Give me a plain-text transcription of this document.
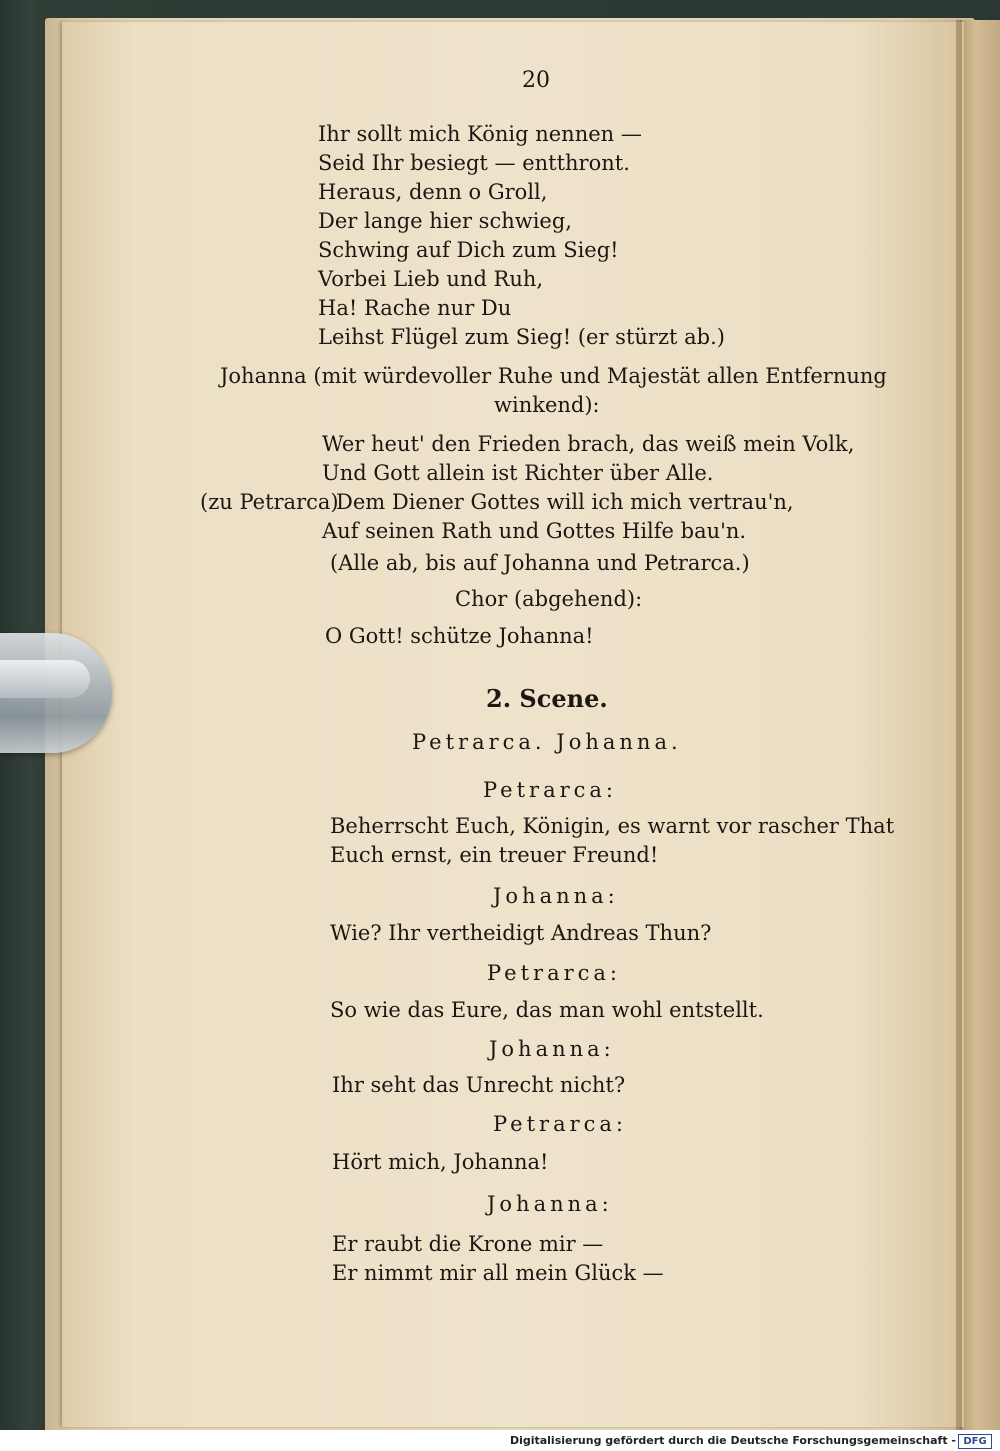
20
Ihr sollt mich König nennen —
Seid Ihr besiegt — entthront.
Heraus, denn o Groll,
Der lange hier schwieg,
Schwing auf Dich zum Sieg!
Vorbei Lieb und Ruh,
Ha! Rache nur Du
Leihst Flügel zum Sieg! (er stürzt ab.)
Johanna (mit würdevoller Ruhe und Majestät allen Entfernung
winkend):
Wer heut' den Frieden brach, das weiß mein Volk,
Und Gott allein ist Richter über Alle.
(zu Petrarca)
Dem Diener Gottes will ich mich vertrau'n,
Auf seinen Rath und Gottes Hilfe bau'n.
(Alle ab, bis auf Johanna und Petrarca.)
Chor (abgehend):
O Gott! schütze Johanna!
2. Scene.
Petrarca. Johanna.
Petrarca:
Beherrscht Euch, Königin, es warnt vor rascher That
Euch ernst, ein treuer Freund!
Johanna:
Wie? Ihr vertheidigt Andreas Thun?
Petrarca:
So wie das Eure, das man wohl entstellt.
Johanna:
Ihr seht das Unrecht nicht?
Petrarca:
Hört mich, Johanna!
Johanna:
Er raubt die Krone mir —
Er nimmt mir all mein Glück —
Digitalisierung gefördert durch die Deutsche Forschungsgemeinschaft - DFG
